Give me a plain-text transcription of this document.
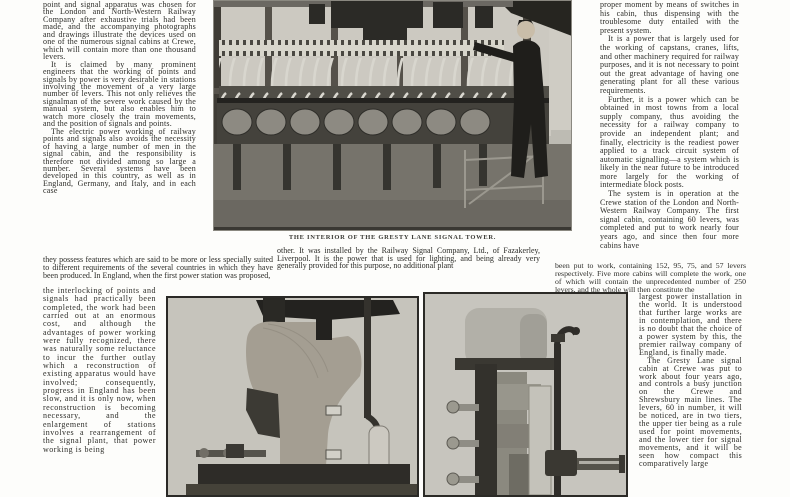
point and signal apparatus was chosen for the London and North-Western Railway Company after exhaustive trials had been made, and the accompanying photographs and drawings illustrate the devices used on one of the numerous signal cabins at Crewe, which will contain more than one thousand levers.

It is claimed by many prominent engineers that the working of points and signals by power is very desirable in stations involving the movement of a very large number of levers. This not only relieves the signalman of the severe work caused by the manual system, but also enables him to watch more closely the train movements, and the position of signals and points.

The electric power working of railway points and signals also avoids the necessity of having a large number of men in the signal cabin, and the responsibility is therefore not divided among so large a number. Several systems have been developed in this country, as well as in England, Germany, and Italy, and in each case

THE INTERIOR OF THE GRESTY LANE SIGNAL TOWER.

other. It was installed by the Railway Signal Company, Ltd., of Fazakerley, Liverpool. It is the power that is used for lighting, and being already very generally provided for this purpose, no additional plant

they possess features which are said to be more or less specially suited to different requirements of the several countries in which they have been produced. In England, when the first power station was proposed,

the interlocking of points and signals had practically been completed, the work had been carried out at an enormous cost, and although the advantages of power working were fully recognized, there was naturally some reluctance to incur the further outlay which a reconstruction of existing apparatus would have involved; consequently, progress in England has been slow, and it is only now, when reconstruction is becoming necessary, and the enlargement of stations involves a rearrangement of the signal plant, that power working is being

proper moment by means of switches in his cabin, thus dispensing with the troublesome duty entailed with the present system.

It is a power that is largely used for the working of capstans, cranes, lifts, and other machinery required for railway purposes, and it is not necessary to point out the great advantage of having one generating plant for all these various requirements.

Further, it is a power which can be obtained in most towns from a local supply company, thus avoiding the necessity for a railway company to provide an independent plant; and finally, electricity is the readiest power applied to a track circuit system of automatic signalling—a system which is likely in the near future to be introduced more largely for the working of intermediate block posts.

The system is in operation at the Crewe station of the London and North-Western Railway Company. The first signal cabin, containing 60 levers, was completed and put to work nearly four years ago, and since then four more cabins have

been put to work, containing 152, 95, 75, and 57 levers respectively. Five more cabins will complete the work, one of which will contain the unprecedented number of 250 levers, and the whole will then constitute the

largest power installation in the world. It is understood that further large works are in contemplation, and there is no doubt that the choice of a power system by this, the premier railway company of England, is finally made.

The Gresty Lane signal cabin at Crewe was put to work about four years ago, and controls a busy junction on the Crewe and Shrewsbury main lines. The levers, 60 in number, it will be noticed, are in two tiers, the upper tier being as a rule used for point movements, and the lower tier for signal movements, and it will be seen how compact this comparatively large
